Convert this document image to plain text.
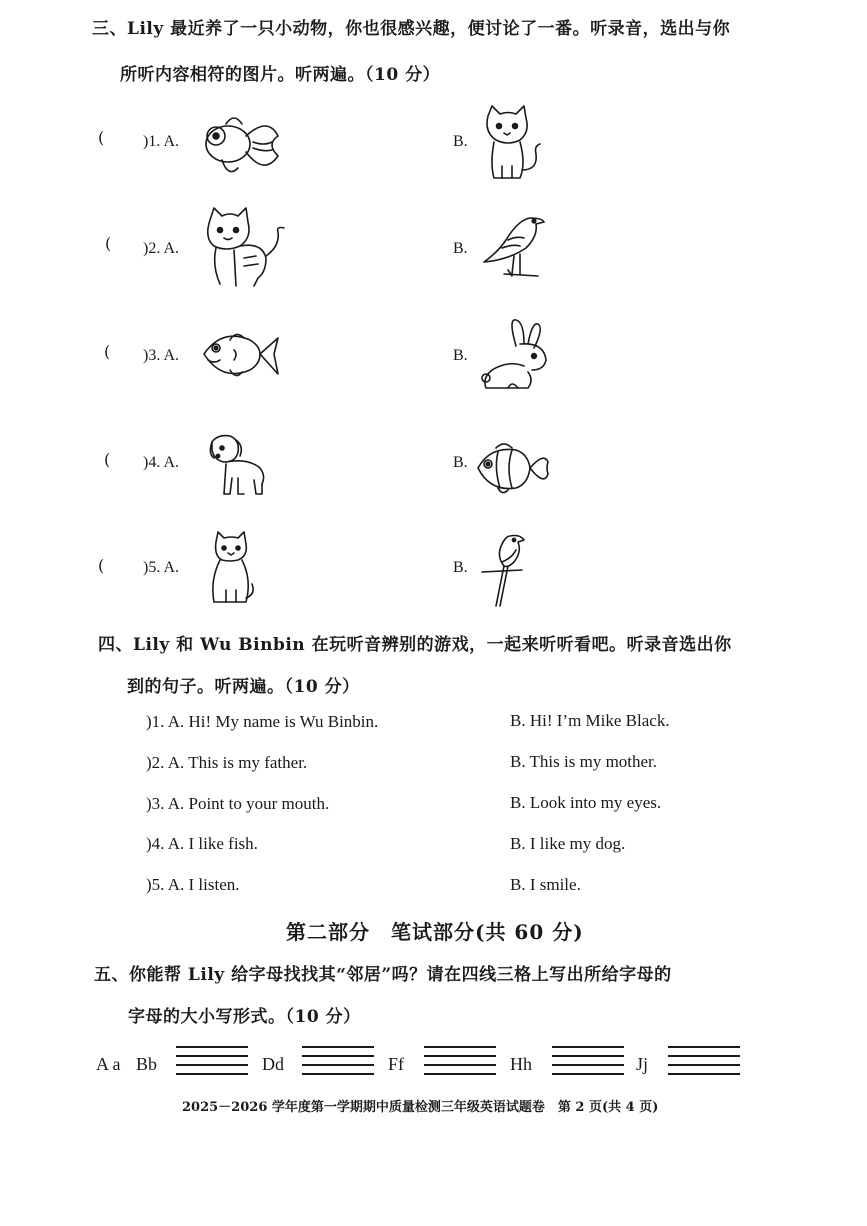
三、Lily 最近养了一只小动物，你也很感兴趣，便讨论了一番。听录音，选出与你
所听内容相符的图片。听两遍。（10 分）
( )1. A.	B.
( )2. A.	B.
( )3. A.	B.
( )4. A.	B.
( )5. A.	B.
四、Lily 和 Wu Binbin 在玩听音辨别的游戏，一起来听听看吧。听录音选出你
到的句子。听两遍。（10 分）
)1. A. Hi! My name is Wu Binbin.	B. Hi! I’m Mike Black.
)2. A. This is my father.	B. This is my mother.
)3. A. Point to your mouth.	B. Look into my eyes.
)4. A. I like fish.	B. I like my dog.
)5. A. I listen.	B. I smile.
第二部分　笔试部分(共 60 分)
五、你能帮 Lily 给字母找找其“邻居”吗？请在四线三格上写出所给字母的
字母的大小写形式。（10 分）
A a Bb	Dd	Ff	Hh	Jj
2025－2026 学年度第一学期期中质量检测三年级英语试题卷　第 2 页(共 4 页)
